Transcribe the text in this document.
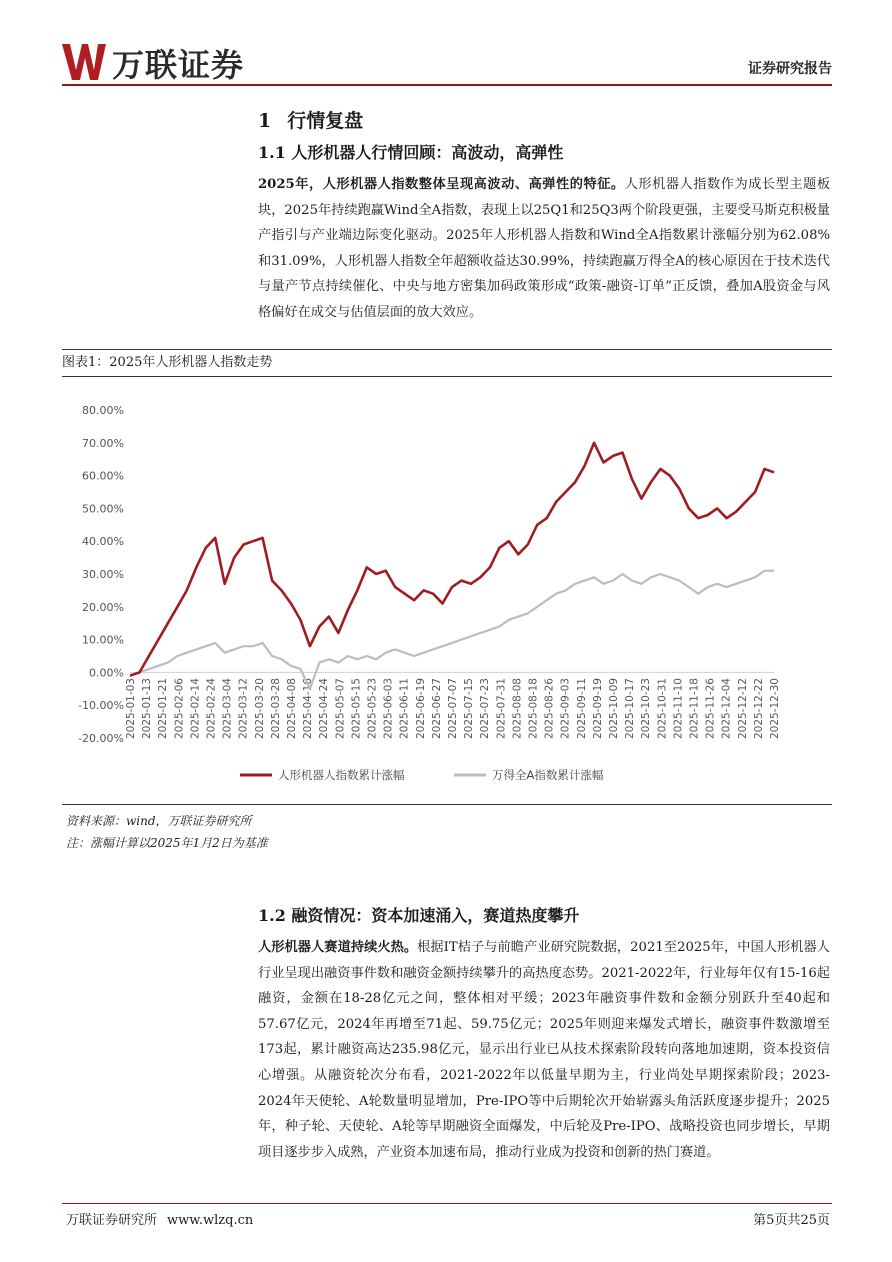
万联证券	证券研究报告
1 行情复盘
1.1 人形机器人行情回顾：高波动，高弹性
2025年，人形机器人指数整体呈现高波动、高弹性的特征。人形机器人指数作为成长型主题板块，2025年持续跑赢Wind全A指数，表现上以25Q1和25Q3两个阶段更强，主要受马斯克积极量产指引与产业端边际变化驱动。2025年人形机器人指数和Wind全A指数累计涨幅分别为62.08%和31.09%，人形机器人指数全年超额收益达30.99%，持续跑赢万得全A的核心原因在于技术迭代与量产节点持续催化、中央与地方密集加码政策形成“政策-融资-订单”正反馈，叠加A股资金与风格偏好在成交与估值层面的放大效应。
图表1：2025年人形机器人指数走势
-20.00%
-10.00%
0.00%
10.00%
20.00%
30.00%
40.00%
50.00%
60.00%
70.00%
80.00%
2025-01-03 2025-01-13 2025-01-21 2025-02-06 2025-02-14 2025-02-24 2025-03-04 2025-03-12 2025-03-20 2025-03-28 2025-04-08 2025-04-16 2025-04-24 2025-05-07 2025-05-15 2025-05-23 2025-06-03 2025-06-11 2025-06-19 2025-06-27 2025-07-07 2025-07-15 2025-07-23 2025-07-31 2025-08-08 2025-08-18 2025-08-26 2025-09-03 2025-09-11 2025-09-19 2025-10-09 2025-10-17 2025-10-23 2025-10-31 2025-11-10 2025-11-18 2025-11-26 2025-12-04 2025-12-12 2025-12-22 2025-12-30
人形机器人指数累计涨幅	万得全A指数累计涨幅
资料来源：wind，万联证券研究所
注：涨幅计算以2025年1月2日为基准
1.2 融资情况：资本加速涌入，赛道热度攀升
人形机器人赛道持续火热。根据IT桔子与前瞻产业研究院数据，2021至2025年，中国人形机器人行业呈现出融资事件数和融资金额持续攀升的高热度态势。2021-2022年，行业每年仅有15-16起融资，金额在18-28亿元之间，整体相对平缓；2023年融资事件数和金额分别跃升至40起和57.67亿元，2024年再增至71起、59.75亿元；2025年则迎来爆发式增长，融资事件数激增至173起，累计融资高达235.98亿元，显示出行业已从技术探索阶段转向落地加速期，资本投资信心增强。从融资轮次分布看，2021-2022年以低量早期为主，行业尚处早期探索阶段；2023-2024年天使轮、A轮数量明显增加，Pre-IPO等中后期轮次开始崭露头角活跃度逐步提升；2025年，种子轮、天使轮、A轮等早期融资全面爆发，中后轮及Pre-IPO、战略投资也同步增长，早期项目逐步步入成熟，产业资本加速布局，推动行业成为投资和创新的热门赛道。
万联证券研究所 www.wlzq.cn	第5页共25页
